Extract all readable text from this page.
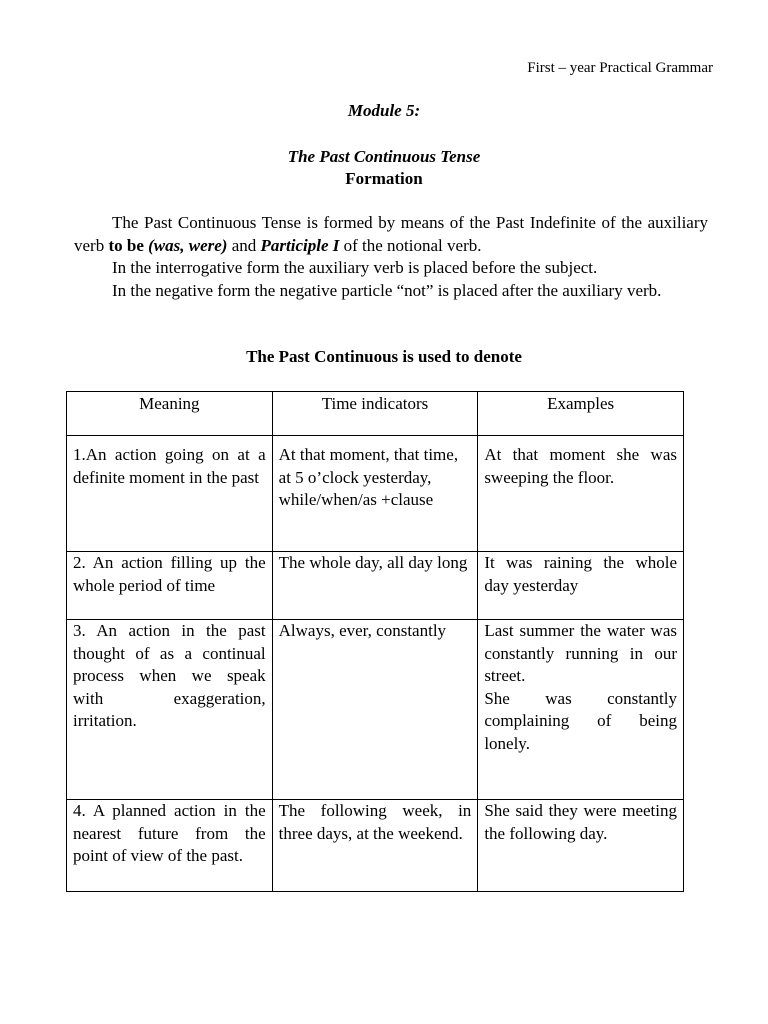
First – year Practical Grammar
Module 5:
The Past Continuous Tense
Formation

The Past Continuous Tense is formed by means of the Past Indefinite of the auxiliary verb to be (was, were) and Participle I of the notional verb.

In the interrogative form the auxiliary verb is placed before the subject.

In the negative form the negative particle “not” is placed after the auxiliary verb.

The Past Continuous is used to denote
Meaning	Time indicators	Examples
1.An action going on at a definite moment in the past	At that moment, that time,
at 5 o’clock yesterday,
while/when/as +clause	At that moment she was sweeping the floor.
2. An action filling up the whole period of time	The whole day, all day long	It was raining the whole day yesterday
3. An action in the past thought of as a continual process when we speak with exaggeration, irritation.	Always, ever, constantly	Last summer the water was constantly running in our street.
She was constantly complaining of being lonely.

4. A planned action in the nearest future from the point of view of the past.	The following week, in three days, at the weekend.	She said they were meeting the following day.
